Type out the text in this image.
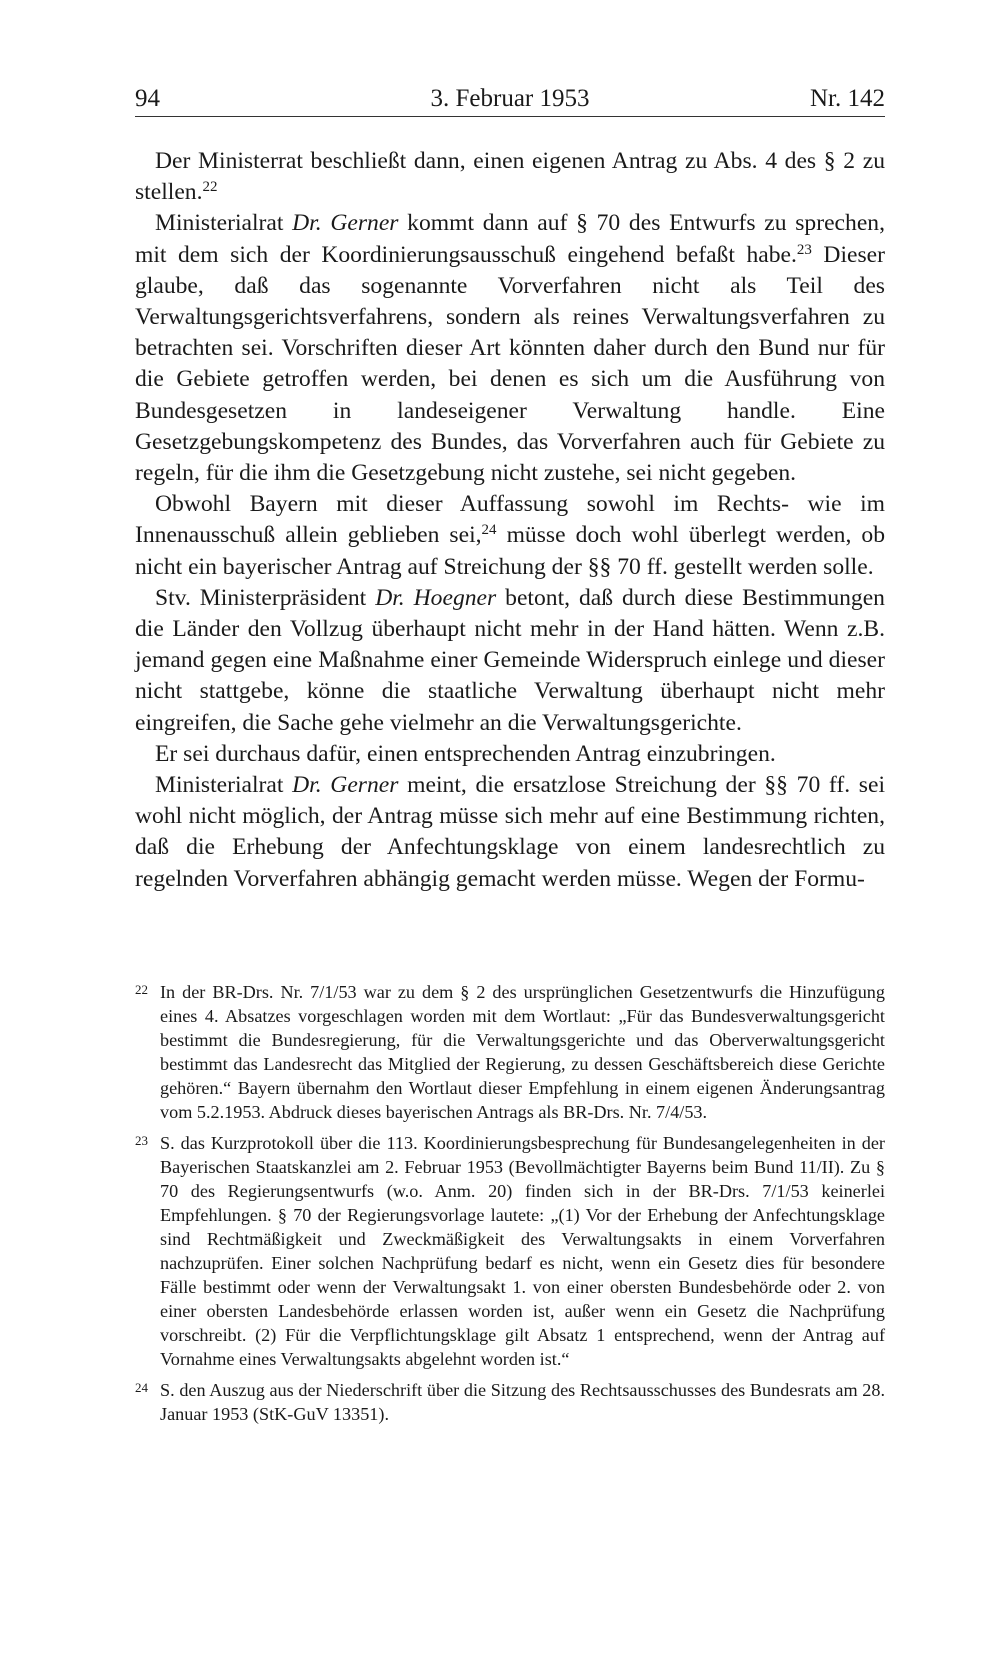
94	3. Februar 1953	Nr. 142

Der Ministerrat beschließt dann, einen eigenen Antrag zu Abs. 4 des § 2 zu stellen.$^{22}$

Ministerialrat Dr. Gerner kommt dann auf § 70 des Entwurfs zu sprechen, mit dem sich der Koordinierungsausschuß eingehend befaßt habe.$^{23}$ Dieser glaube, daß das sogenannte Vorverfahren nicht als Teil des Verwaltungsgerichtsverfahrens, sondern als reines Verwaltungsverfahren zu betrachten sei. Vorschriften dieser Art könnten daher durch den Bund nur für die Gebiete getroffen werden, bei denen es sich um die Ausführung von Bundesgesetzen in landeseigener Verwaltung handle. Eine Gesetzgebungskompetenz des Bundes, das Vorverfahren auch für Gebiete zu regeln, für die ihm die Gesetzgebung nicht zustehe, sei nicht gegeben.

Obwohl Bayern mit dieser Auffassung sowohl im Rechts- wie im Innenausschuß allein geblieben sei,$^{24}$ müsse doch wohl überlegt werden, ob nicht ein bayerischer Antrag auf Streichung der §§ 70 ff. gestellt werden solle.

Stv. Ministerpräsident Dr. Hoegner betont, daß durch diese Bestimmungen die Länder den Vollzug überhaupt nicht mehr in der Hand hätten. Wenn z.B. jemand gegen eine Maßnahme einer Gemeinde Widerspruch einlege und dieser nicht stattgebe, könne die staatliche Verwaltung überhaupt nicht mehr eingreifen, die Sache gehe vielmehr an die Verwaltungsgerichte.

Er sei durchaus dafür, einen entsprechenden Antrag einzubringen.

Ministerialrat Dr. Gerner meint, die ersatzlose Streichung der §§ 70 ff. sei wohl nicht möglich, der Antrag müsse sich mehr auf eine Bestimmung richten, daß die Erhebung der Anfechtungsklage von einem landesrechtlich zu regelnden Vorverfahren abhängig gemacht werden müsse. Wegen der Formu-

22 In der BR-Drs. Nr. 7/1/53 war zu dem § 2 des ursprünglichen Gesetzentwurfs die Hinzufügung eines 4. Absatzes vorgeschlagen worden mit dem Wortlaut: „Für das Bundesverwaltungsgericht bestimmt die Bundesregierung, für die Verwaltungsgerichte und das Oberverwaltungsgericht bestimmt das Landesrecht das Mitglied der Regierung, zu dessen Geschäftsbereich diese Gerichte gehören.“ Bayern übernahm den Wortlaut dieser Empfehlung in einem eigenen Änderungsantrag vom 5.2.1953. Abdruck dieses bayerischen Antrags als BR-Drs. Nr. 7/4/53.
23 S. das Kurzprotokoll über die 113. Koordinierungsbesprechung für Bundesangelegenheiten in der Bayerischen Staatskanzlei am 2. Februar 1953 (Bevollmächtigter Bayerns beim Bund 11/II). Zu § 70 des Regierungsentwurfs (w.o. Anm. 20) finden sich in der BR-Drs. 7/1/53 keinerlei Empfehlungen. § 70 der Regierungsvorlage lautete: „(1) Vor der Erhebung der Anfechtungsklage sind Rechtmäßigkeit und Zweckmäßigkeit des Verwaltungsakts in einem Vorverfahren nachzuprüfen. Einer solchen Nachprüfung bedarf es nicht, wenn ein Gesetz dies für besondere Fälle bestimmt oder wenn der Verwaltungsakt 1. von einer obersten Bundesbehörde oder 2. von einer obersten Landesbehörde erlassen worden ist, außer wenn ein Gesetz die Nachprüfung vorschreibt. (2) Für die Verpflichtungsklage gilt Absatz 1 entsprechend, wenn der Antrag auf Vornahme eines Verwaltungsakts abgelehnt worden ist.“
24 S. den Auszug aus der Niederschrift über die Sitzung des Rechtsausschusses des Bundesrats am 28. Januar 1953 (StK-GuV 13351).
